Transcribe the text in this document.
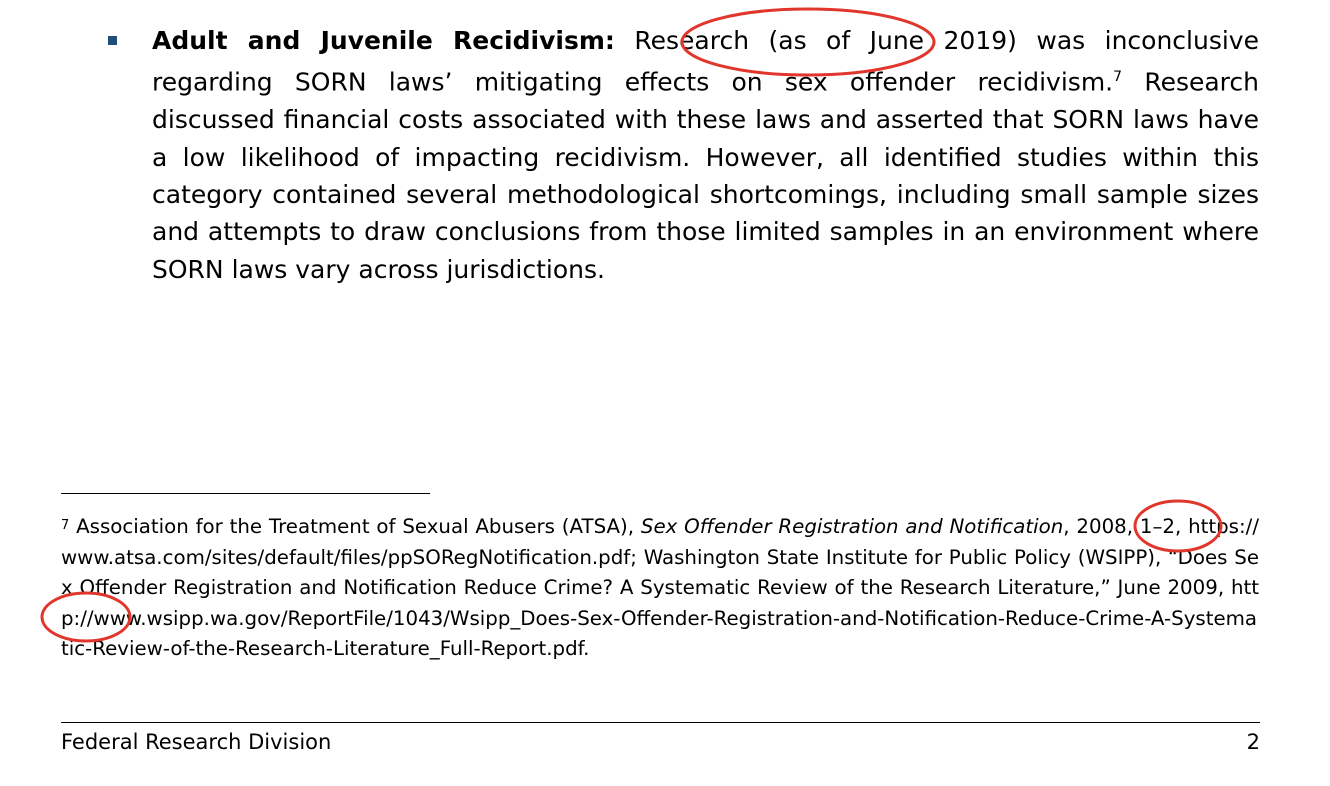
Adult and Juvenile Recidivism: Research (as of June 2019) was inconclusive regarding SORN laws’ mitigating effects on sex offender recidivism.$^7$ Research discussed financial costs associated with these laws and asserted that SORN laws have a low likelihood of impacting recidivism. However, all identified studies within this category contained several methodological shortcomings, including small sample sizes and attempts to draw conclusions from those limited samples in an environment where SORN laws vary across jurisdictions.

$^7$ Association for the Treatment of Sexual Abusers (ATSA), Sex Offender Registration and Notification, 2008, 1–2, https://www.atsa.com/sites/default/files/ppSORegNotification.pdf; Washington State Institute for Public Policy (WSIPP), “Does Sex Offender Registration and Notification Reduce Crime? A Systematic Review of the Research Literature,” June 2009, http://www.wsipp.wa.gov/ReportFile/1043/Wsipp_Does-Sex-Offender-Registration-and-Notification-Reduce-Crime-A-Systematic-Review-of-the-Research-Literature_Full-Report.pdf.

Federal Research Division	2
